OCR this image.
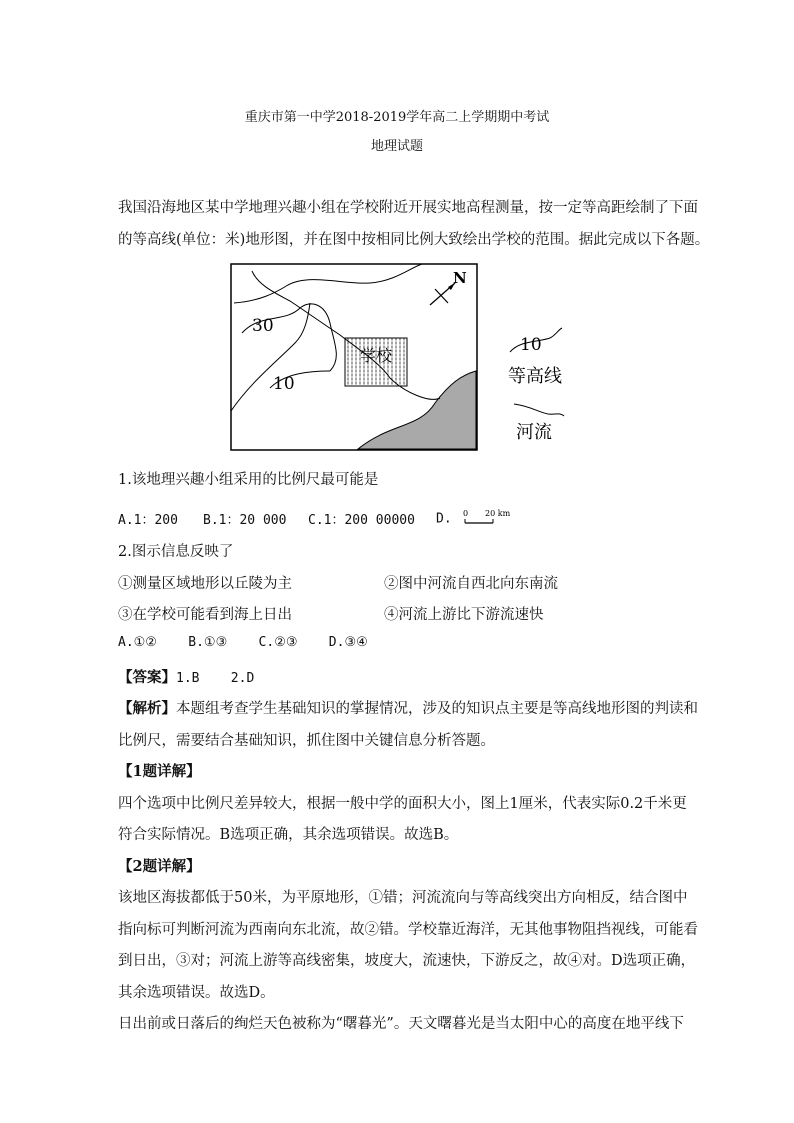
重庆市第一中学2018-2019学年高二上学期期中考试
地理试题
我国沿海地区某中学地理兴趣小组在学校附近开展实地高程测量，按一定等高距绘制了下面
的等高线(单位：米)地形图，并在图中按相同比例大致绘出学校的范围。据此完成以下各题。
学校
30
10
N
10
等高线
河流
1.该地理兴趣小组采用的比例尺最可能是
A.1：200 B.1：20 000 C.1：200 00000 D. 0 20 km
2.图示信息反映了
①测量区域地形以丘陵为主	②图中河流自西北向东南流
③在学校可能看到海上日出	④河流上游比下游流速快
A.①②    B.①③    C.②③    D.③④
【答案】1.B    2.D
【解析】本题组考查学生基础知识的掌握情况，涉及的知识点主要是等高线地形图的判读和
比例尺，需要结合基础知识，抓住图中关键信息分析答题。
【1题详解】
四个选项中比例尺差异较大，根据一般中学的面积大小，图上1厘米，代表实际0.2千米更
符合实际情况。B选项正确，其余选项错误。故选B。
【2题详解】
该地区海拔都低于50米，为平原地形，①错；河流流向与等高线突出方向相反，结合图中
指向标可判断河流为西南向东北流，故②错。学校靠近海洋，无其他事物阻挡视线，可能看
到日出，③对；河流上游等高线密集，坡度大，流速快，下游反之，故④对。D选项正确，
其余选项错误。故选D。
日出前或日落后的绚烂天色被称为“曙暮光”。天文曙暮光是当太阳中心的高度在地平线下
